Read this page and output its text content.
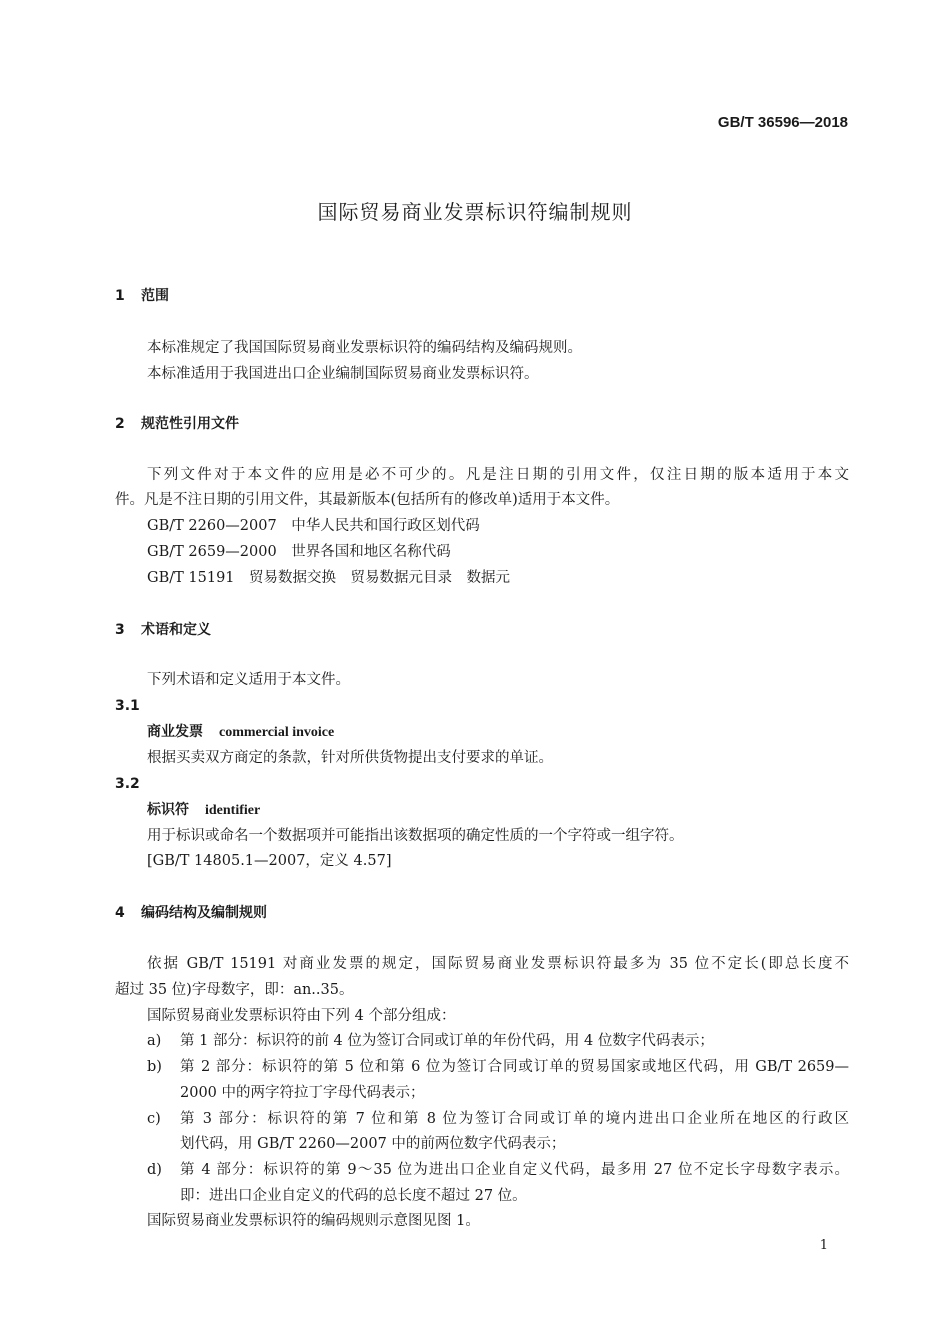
GB/T 36596—2018
国际贸易商业发票标识符编制规则
1 范围
本标准规定了我国国际贸易商业发票标识符的编码结构及编码规则。
本标准适用于我国进出口企业编制国际贸易商业发票标识符。
2 规范性引用文件
下列文件对于本文件的应用是必不可少的。凡是注日期的引用文件，仅注日期的版本适用于本文
件。凡是不注日期的引用文件，其最新版本(包括所有的修改单)适用于本文件。
GB/T 2260—2007　 中华人民共和国行政区划代码
GB/T 2659—2000　 世界各国和地区名称代码
GB/T 15191　 贸易数据交换　贸易数据元目录　数据元
3 术语和定义
下列术语和定义适用于本文件。
3.1
商业发票 commercial invoice
根据买卖双方商定的条款，针对所供货物提出支付要求的单证。
3.2
标识符 identifier
用于标识或命名一个数据项并可能指出该数据项的确定性质的一个字符或一组字符。
[GB/T 14805.1—2007，定义 4.57]
4 编码结构及编制规则
依据 GB/T 15191 对商业发票的规定，国际贸易商业发票标识符最多为 35 位不定长(即总长度不
超过 35 位)字母数字，即：an..35。
国际贸易商业发票标识符由下列 4 个部分组成：
a) 第 1 部分：标识符的前 4 位为签订合同或订单的年份代码，用 4 位数字代码表示；
b)	第 2 部分：标识符的第 5 位和第 6 位为签订合同或订单的贸易国家或地区代码，用 GB/T 2659—
2000 中的两字符拉丁字母代码表示；
c)	第 3 部分：标识符的第 7 位和第 8 位为签订合同或订单的境内进出口企业所在地区的行政区
划代码，用 GB/T 2260—2007 中的前两位数字代码表示；
d)	第 4 部分：标识符的第 9～35 位为进出口企业自定义代码，最多用 27 位不定长字母数字表示。
即：进出口企业自定义的代码的总长度不超过 27 位。
国际贸易商业发票标识符的编码规则示意图见图 1。
1
